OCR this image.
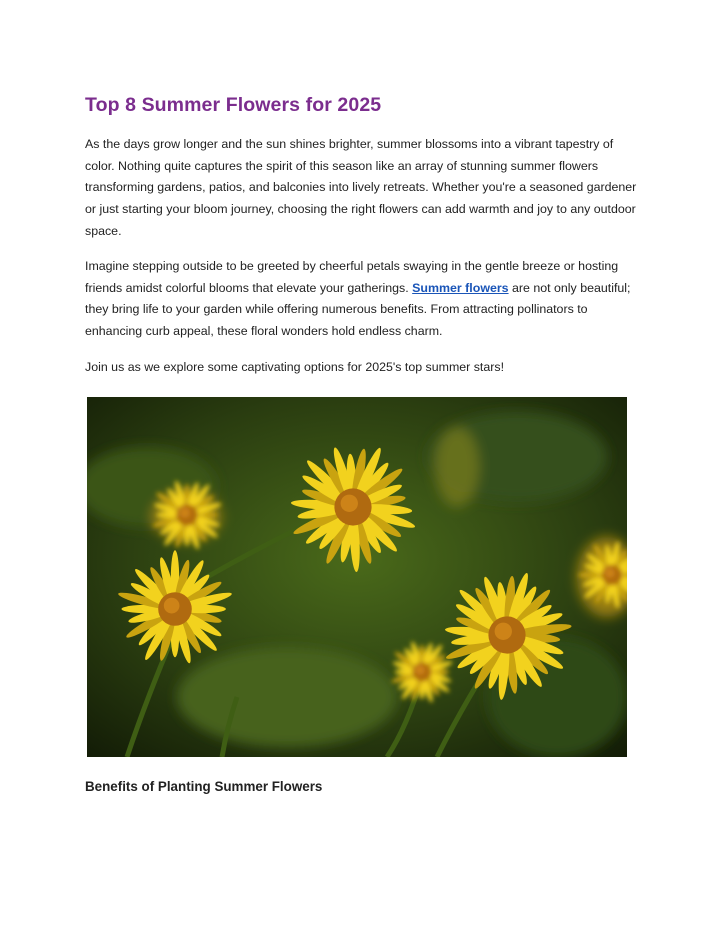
Top 8 Summer Flowers for 2025
As the days grow longer and the sun shines brighter, summer blossoms into a vibrant tapestry of
color. Nothing quite captures the spirit of this season like an array of stunning summer flowers
transforming gardens, patios, and balconies into lively retreats. Whether you're a seasoned gardener
or just starting your bloom journey, choosing the right flowers can add warmth and joy to any outdoor
space.
Imagine stepping outside to be greeted by cheerful petals swaying in the gentle breeze or hosting
friends amidst colorful blooms that elevate your gatherings. Summer flowers are not only beautiful;
they bring life to your garden while offering numerous benefits. From attracting pollinators to
enhancing curb appeal, these floral wonders hold endless charm.
Join us as we explore some captivating options for 2025's top summer stars!
Benefits of Planting Summer Flowers
